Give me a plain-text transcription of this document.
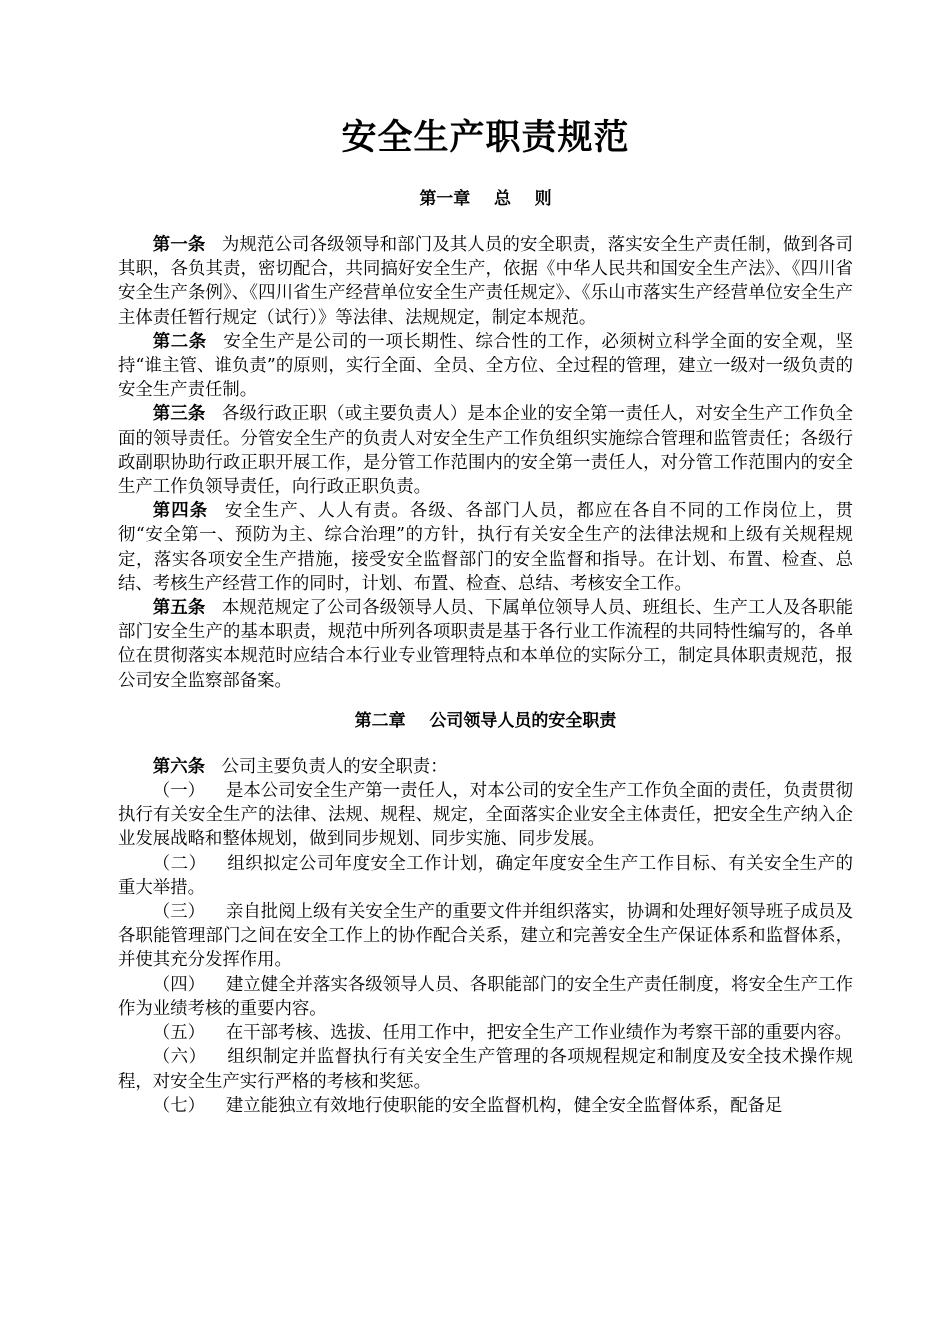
安全生产职责规范
第一章    总    则

第一条 为规范公司各级领导和部门及其人员的安全职责，落实安全生产责任制，做到各司其职，各负其责，密切配合，共同搞好安全生产，依据《中华人民共和国安全生产法》、《四川省安全生产条例》、《四川省生产经营单位安全生产责任规定》、《乐山市落实生产经营单位安全生产主体责任暂行规定（试行）》等法律、法规规定，制定本规范。

第二条 安全生产是公司的一项长期性、综合性的工作，必须树立科学全面的安全观，坚持“谁主管、谁负责”的原则，实行全面、全员、全方位、全过程的管理，建立一级对一级负责的安全生产责任制。

第三条 各级行政正职（或主要负责人）是本企业的安全第一责任人，对安全生产工作负全面的领导责任。分管安全生产的负责人对安全生产工作负组织实施综合管理和监管责任；各级行政副职协助行政正职开展工作，是分管工作范围内的安全第一责任人，对分管工作范围内的安全生产工作负领导责任，向行政正职负责。

第四条 安全生产、人人有责。各级、各部门人员，都应在各自不同的工作岗位上，贯彻“安全第一、预防为主、综合治理”的方针，执行有关安全生产的法律法规和上级有关规程规定，落实各项安全生产措施，接受安全监督部门的安全监督和指导。在计划、布置、检查、总结、考核生产经营工作的同时，计划、布置、检查、总结、考核安全工作。

第五条 本规范规定了公司各级领导人员、下属单位领导人员、班组长、生产工人及各职能部门安全生产的基本职责，规范中所列各项职责是基于各行业工作流程的共同特性编写的，各单位在贯彻落实本规范时应结合本行业专业管理特点和本单位的实际分工，制定具体职责规范，报公司安全监察部备案。

第二章    公司领导人员的安全职责

第六条 公司主要负责人的安全职责：

（一） 是本公司安全生产第一责任人，对本公司的安全生产工作负全面的责任，负责贯彻执行有关安全生产的法律、法规、规程、规定，全面落实企业安全主体责任，把安全生产纳入企业发展战略和整体规划，做到同步规划、同步实施、同步发展。

（二） 组织拟定公司年度安全工作计划，确定年度安全生产工作目标、有关安全生产的 重大举措。

（三） 亲自批阅上级有关安全生产的重要文件并组织落实，协调和处理好领导班子成员及各职能管理部门之间在安全工作上的协作配合关系，建立和完善安全生产保证体系和监督体系，并使其充分发挥作用。

（四） 建立健全并落实各级领导人员、各职能部门的安全生产责任制度，将安全生产工作作为业绩考核的重要内容。

（五） 在干部考核、选拔、任用工作中，把安全生产工作业绩作为考察干部的重要内容。

（六） 组织制定并监督执行有关安全生产管理的各项规程规定和制度及安全技术操作规程，对安全生产实行严格的考核和奖惩。

（七） 建立能独立有效地行使职能的安全监督机构，健全安全监督体系，配备足
